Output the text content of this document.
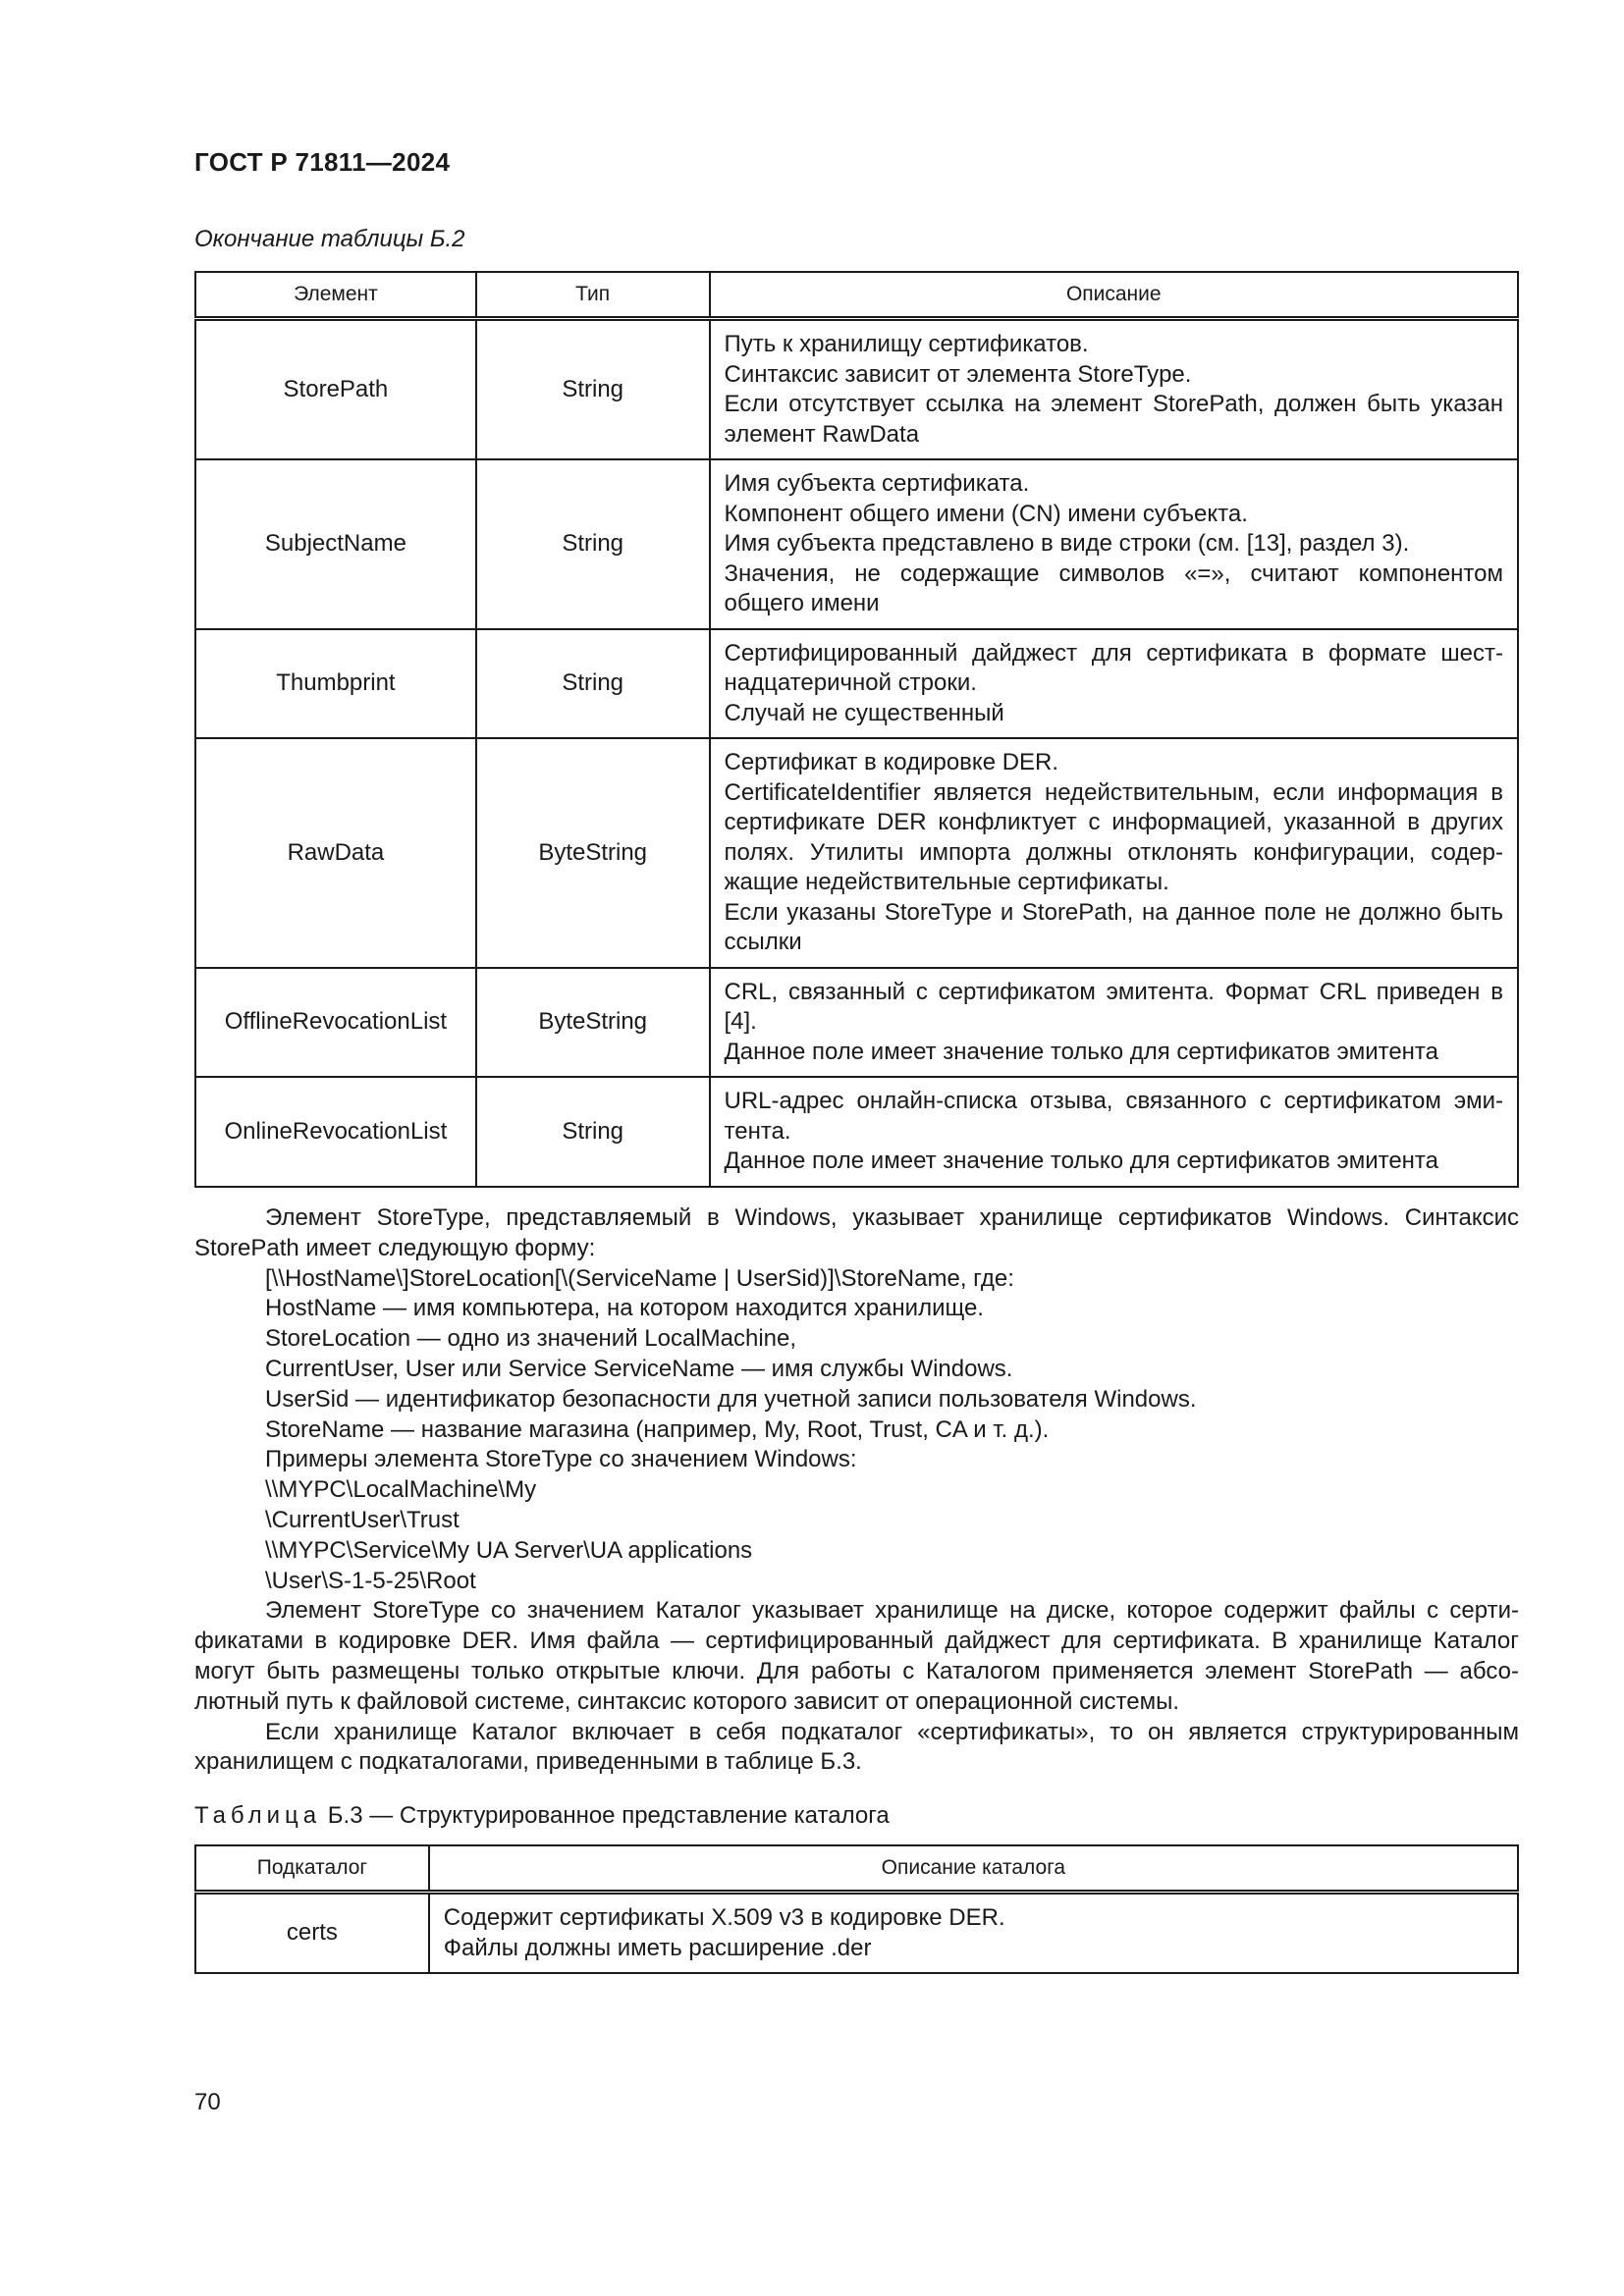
ГОСТ Р 71811—2024

Окончание таблицы Б.2

Элемент	Тип	Описание
StorePath	String	Путь к хранилищу сертификатов.
Синтаксис зависит от элемента StoreType.
Если отсутствует ссылка на элемент StorePath, должен быть указан элемент RawData

SubjectName	String	Имя субъекта сертификата.
Компонент общего имени (CN) имени субъекта.
Имя субъекта представлено в виде строки (см. [13], раздел 3).
Значения, не содержащие символов «=», считают компонентом общего имени

Thumbprint	String	Сертифицированный дайджест для сертификата в формате шестнадцатеричной строки.
Случай не существенный

RawData	ByteString	Сертификат в кодировке DER.
CertificateIdentifier является недействительным, если информация в сертификате DER конфликтует с информацией, указанной в других полях. Утилиты импорта должны отклонять конфигурации, содержащие недействительные сертификаты.
Если указаны StoreType и StorePath, на данное поле не должно быть ссылки

OfflineRevocationList	ByteString	CRL, связанный с сертификатом эмитента. Формат CRL приведен в [4].
Данное поле имеет значение только для сертификатов эмитента

OnlineRevocationList	String	URL-адрес онлайн-списка отзыва, связанного с сертификатом эмитента.
Данное поле имеет значение только для сертификатов эмитента

Элемент StoreType, представляемый в Windows, указывает хранилище сертификатов Windows. Синтаксис StorePath имеет следующую форму:

[\\HostName\]StoreLocation[\(ServiceName | UserSid)]\StoreName, где:
HostName — имя компьютера, на котором находится хранилище.
StoreLocation — одно из значений LocalMachine,
CurrentUser, User или Service ServiceName — имя службы Windows.
UserSid — идентификатор безопасности для учетной записи пользователя Windows.
StoreName — название магазина (например, My, Root, Trust, CA и т. д.).
Примеры элемента StoreType со значением Windows:
\\MYPC\LocalMachine\My
\CurrentUser\Trust
\\MYPC\Service\My UA Server\UA applications
\User\S-1-5-25\Root

Элемент StoreType со значением Каталог указывает хранилище на диске, которое содержит файлы с сертификатами в кодировке DER. Имя файла — сертифицированный дайджест для сертификата. В хранилище Каталог могут быть размещены только открытые ключи. Для работы с Каталогом применяется элемент StorePath — абсолютный путь к файловой системе, синтаксис которого зависит от операционной системы.

Если хранилище Каталог включает в себя подкаталог «сертификаты», то он является структурированным хранилищем с подкаталогами, приведенными в таблице Б.3.

Таблица Б.3 — Структурированное представление каталога

Подкаталог	Описание каталога
certs	Содержит сертификаты X.509 v3 в кодировке DER.
Файлы должны иметь расширение .der
70
